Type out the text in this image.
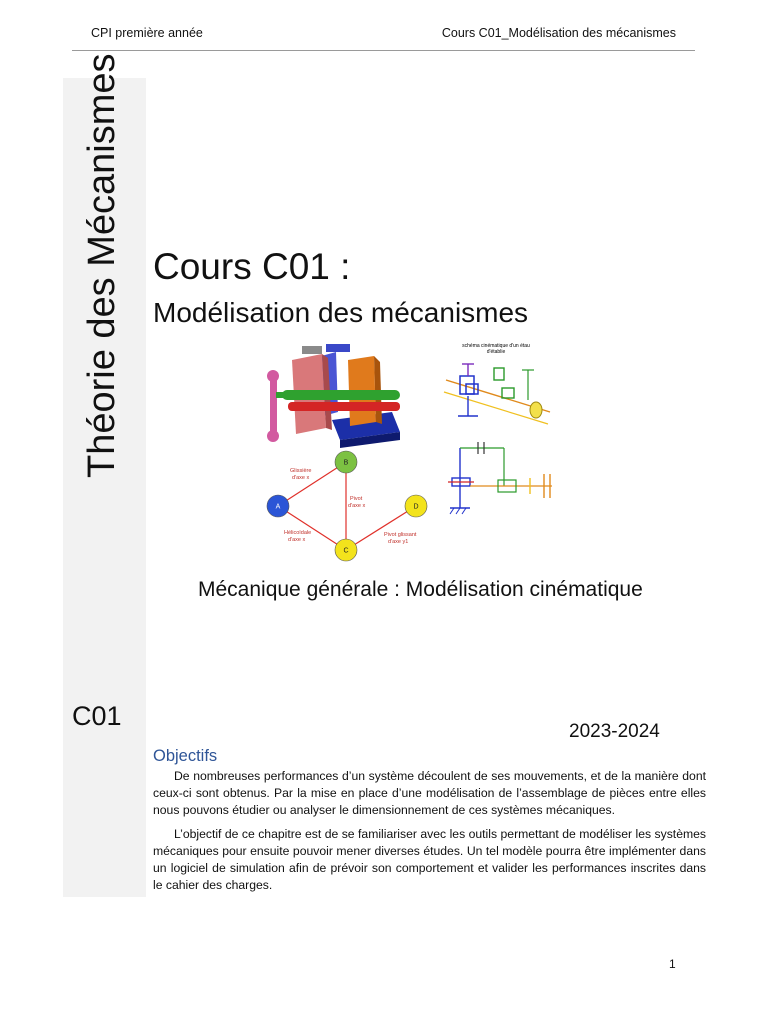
CPI première année	Cours C01_Modélisation des mécanismes
Théorie des Mécanismes
C01
Cours C01 :
Modélisation des mécanismes
schéma cinématique d'un étau
d'établie
Glissière
d'axe x
Pivot
d'axe x
Hélicoïdale
d'axe x
Pivot glissant
d'axe y1
A
B
C
D
Mécanique générale : Modélisation cinématique
2023-2024
Objectifs

De nombreuses performances d’un système découlent de ses mouvements, et de la manière dont ceux-ci sont obtenus. Par la mise en place d’une modélisation de l’assemblage de pièces entre elles nous pouvons étudier ou analyser le dimensionnement de ces systèmes mécaniques.

L’objectif de ce chapitre est de se familiariser avec les outils permettant de modéliser les systèmes mécaniques pour ensuite pouvoir mener diverses études. Un tel modèle pourra être implémenter dans un logiciel de simulation afin de prévoir son comportement et valider les performances inscrites dans le cahier des charges.

1
